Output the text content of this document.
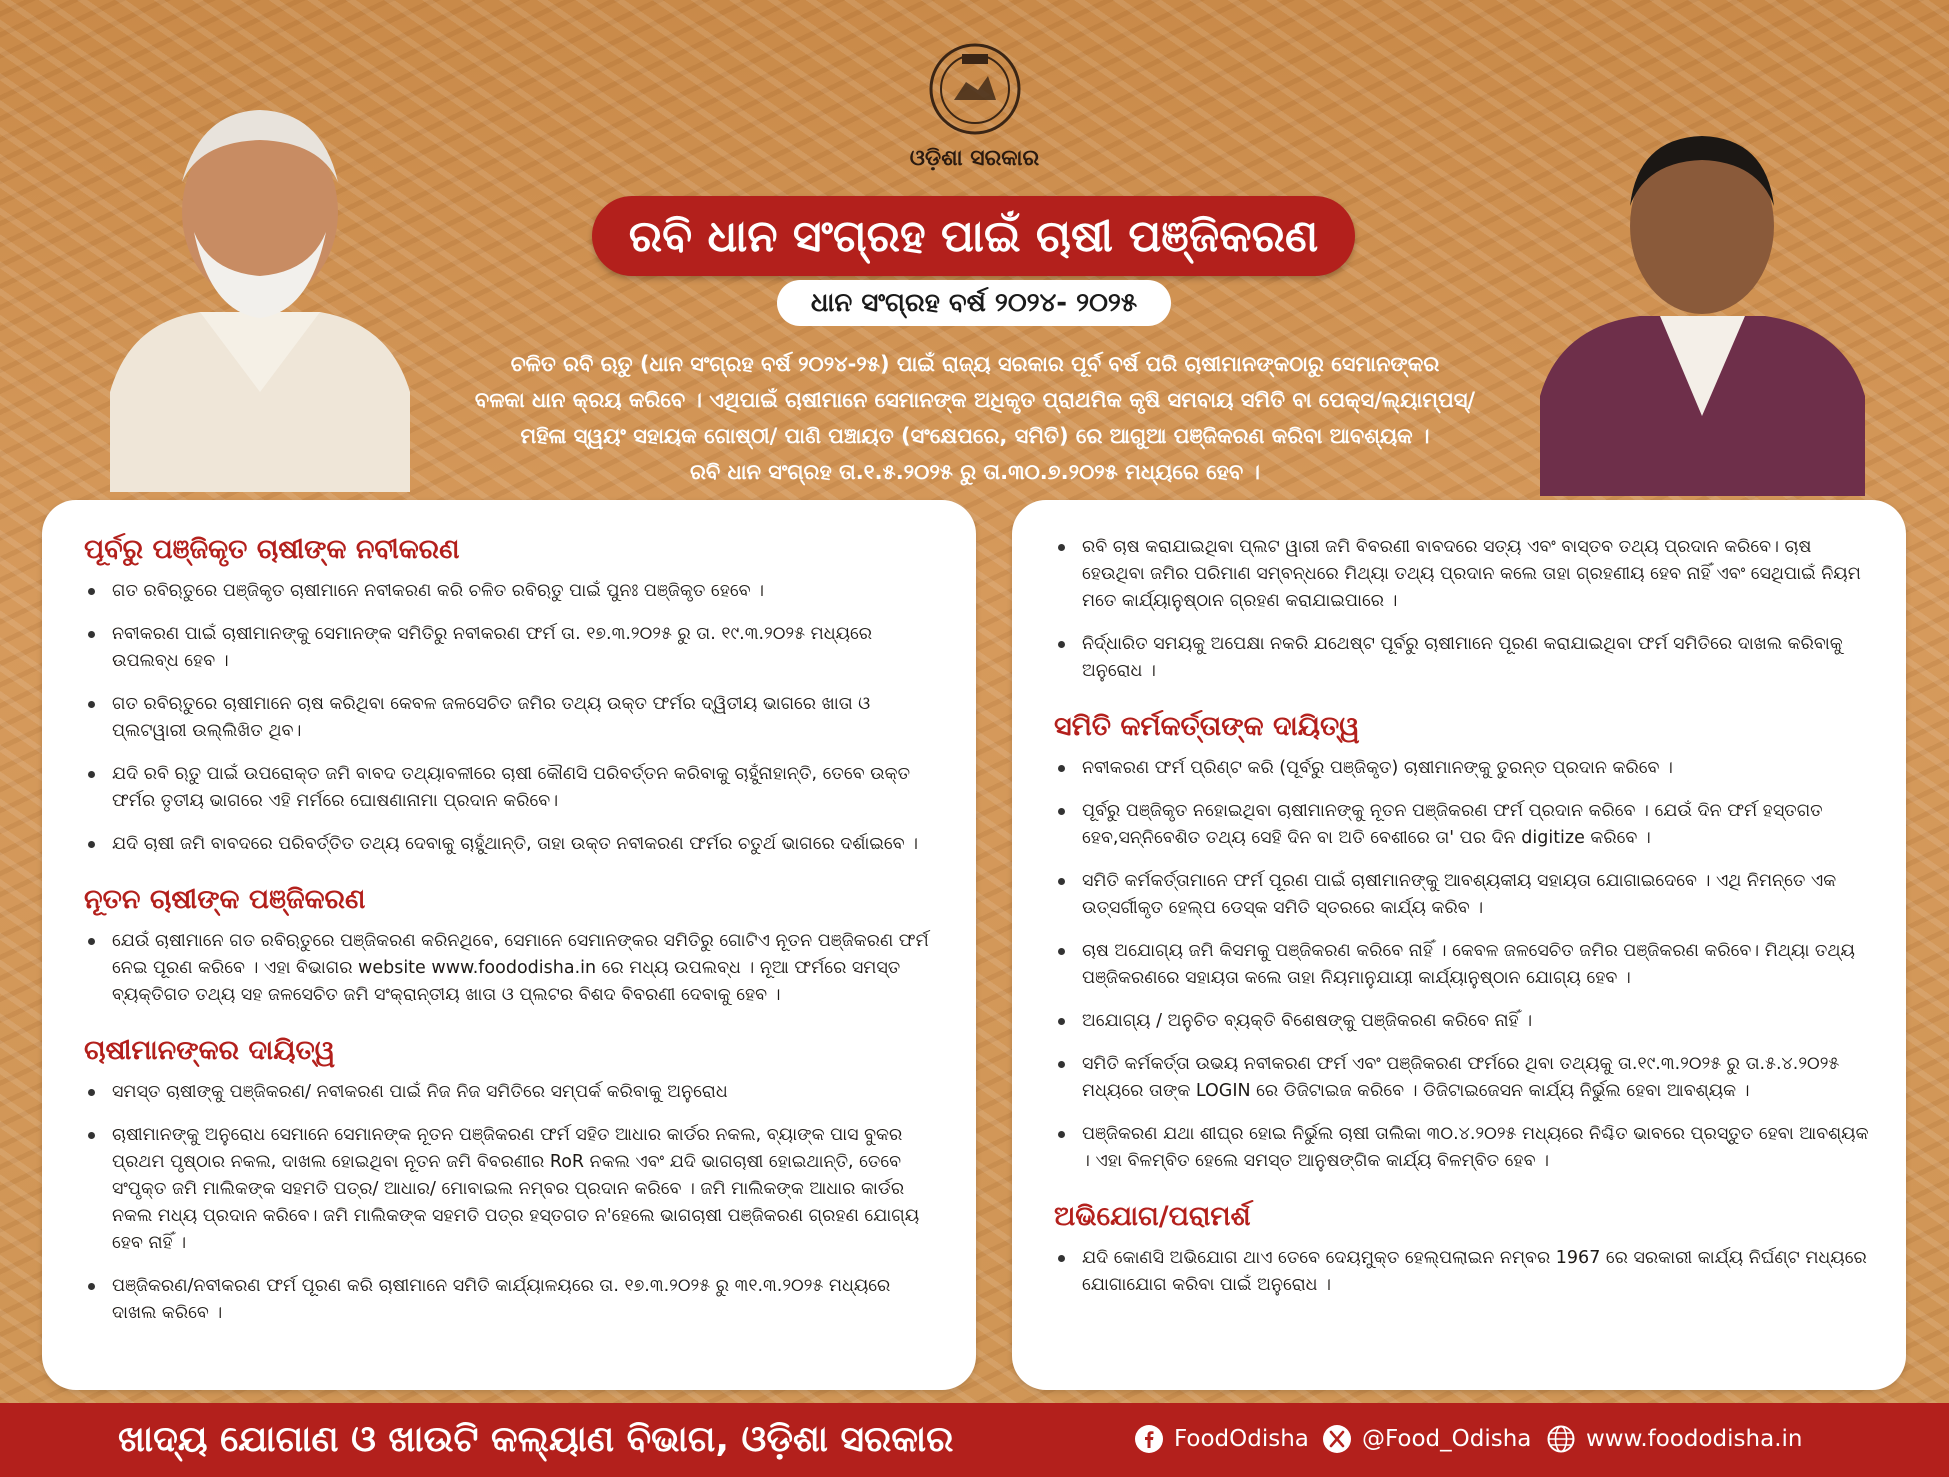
ଓଡ଼ିଶା ସରକାର
ରବି ଧାନ ସଂଗ୍ରହ ପାଇଁ ଚାଷୀ ପଞ୍ଜିକରଣ
ଧାନ ସଂଗ୍ରହ ବର୍ଷ ୨୦୨୪- ୨୦୨୫
ଚଳିତ ରବି ଋତୁ (ଧାନ ସଂଗ୍ରହ ବର୍ଷ ୨୦୨୪-୨୫) ପାଇଁ ରାଜ୍ୟ ସରକାର ପୂର୍ବ ବର୍ଷ ପରି ଚାଷୀମାନଙ୍କଠାରୁ ସେମାନଙ୍କର
ବଳକା ଧାନ କ୍ରୟ କରିବେ । ଏଥିପାଇଁ ଚାଷୀମାନେ ସେମାନଙ୍କ ଅଧିକୃତ ପ୍ରାଥମିକ କୃଷି ସମବାୟ ସମିତି ବା ପେକ୍ସ/ଲ୍ୟାମ୍ପସ୍/
ମହିଳା ସ୍ୱୟଂ ସହାୟକ ଗୋଷ୍ଠୀ/ ପାଣି ପଞ୍ଚାୟତ (ସଂକ୍ଷେପରେ, ସମିତି) ରେ ଆଗୁଆ ପଞ୍ଜିକରଣ କରିବା ଆବଶ୍ୟକ ।
ରବି ଧାନ ସଂଗ୍ରହ ତା.୧.୫.୨୦୨୫ ରୁ ତା.୩୦.୭.୨୦୨୫ ମଧ୍ୟରେ ହେବ ।
ପୂର୍ବରୁ ପଞ୍ଜିକୃତ ଚାଷୀଙ୍କ ନବୀକରଣ
ଗତ ରବିଋତୁରେ ପଞ୍ଜିକୃତ ଚାଷୀମାନେ ନବୀକରଣ କରି ଚଳିତ ରବିଋତୁ ପାଇଁ ପୁନଃ ପଞ୍ଜିକୃତ ହେବେ ।
ନବୀକରଣ ପାଇଁ ଚାଷୀମାନଙ୍କୁ ସେମାନଙ୍କ ସମିତିରୁ ନବୀକରଣ ଫର୍ମ ତା. ୧୭.୩.୨୦୨୫ ରୁ ତା. ୧୯.୩.୨୦୨୫ ମଧ୍ୟରେ ଉପଲବ୍ଧ ହେବ ।
ଗତ ରବିଋତୁରେ ଚାଷୀମାନେ ଚାଷ କରିଥିବା କେବଳ ଜଳସେଚିତ ଜମିର ତଥ୍ୟ ଉକ୍ତ ଫର୍ମର ଦ୍ୱିତୀୟ ଭାଗରେ ଖାତା ଓ ପ୍ଲଟୱାରୀ ଉଲ୍ଲିଖିତ ଥିବ।
ଯଦି ରବି ଋତୁ ପାଇଁ ଉପରୋକ୍ତ ଜମି ବାବଦ ତଥ୍ୟାବଳୀରେ ଚାଷୀ କୌଣସି ପରିବର୍ତ୍ତନ କରିବାକୁ ଚାହୁଁନାହାନ୍ତି, ତେବେ ଉକ୍ତ ଫର୍ମର ତୃତୀୟ ଭାଗରେ ଏହି ମର୍ମରେ ଘୋଷଣାନାମା ପ୍ରଦାନ କରିବେ।
ଯଦି ଚାଷୀ ଜମି ବାବଦରେ ପରିବର୍ତ୍ତିତ ତଥ୍ୟ ଦେବାକୁ ଚାହୁଁଥାନ୍ତି, ତାହା ଉକ୍ତ ନବୀକରଣ ଫର୍ମର ଚତୁର୍ଥ ଭାଗରେ ଦର୍ଶାଇବେ ।
ନୂତନ ଚାଷୀଙ୍କ ପଞ୍ଜିକରଣ
ଯେଉଁ ଚାଷୀମାନେ ଗତ ରବିଋତୁରେ ପଞ୍ଜିକରଣ କରିନଥିବେ, ସେମାନେ ସେମାନଙ୍କର ସମିତିରୁ ଗୋଟିଏ ନୂତନ ପଞ୍ଜିକରଣ ଫର୍ମ ନେଇ ପୂରଣ କରିବେ । ଏହା ବିଭାଗର website www.foododisha.in ରେ ମଧ୍ୟ ଉପଲବ୍ଧ । ନୂଆ ଫର୍ମରେ ସମସ୍ତ ବ୍ୟକ୍ତିଗତ ତଥ୍ୟ ସହ ଜଳସେଚିତ ଜମି ସଂକ୍ରାନ୍ତୀୟ ଖାତା ଓ ପ୍ଲଟର ବିଶଦ ବିବରଣୀ ଦେବାକୁ ହେବ ।
ଚାଷୀମାନଙ୍କର ଦାୟିତ୍ୱ
ସମସ୍ତ ଚାଷୀଙ୍କୁ ପଞ୍ଜିକରଣ/ ନବୀକରଣ ପାଇଁ ନିଜ ନିଜ ସମିତିରେ ସମ୍ପର୍କ କରିବାକୁ ଅନୁରୋଧ
ଚାଷୀମାନଙ୍କୁ ଅନୁରୋଧ ସେମାନେ ସେମାନଙ୍କ ନୂତନ ପଞ୍ଜିକରଣ ଫର୍ମ ସହିତ ଆଧାର କାର୍ଡର ନକଲ, ବ୍ୟାଙ୍କ ପାସ ବୁକର ପ୍ରଥମ ପୃଷ୍ଠାର ନକଲ, ଦାଖଲ ହୋଇଥିବା ନୂତନ ଜମି ବିବରଣୀର RoR ନକଲ ଏବଂ ଯଦି ଭାଗଚାଷୀ ହୋଇଥାନ୍ତି, ତେବେ ସଂପୃକ୍ତ ଜମି ମାଲିକଙ୍କ ସହମତି ପତ୍ର/ ଆଧାର/ ମୋବାଇଲ ନମ୍ବର ପ୍ରଦାନ କରିବେ । ଜମି ମାଲିକଙ୍କ ଆଧାର କାର୍ଡର ନକଲ ମଧ୍ୟ ପ୍ରଦାନ କରିବେ। ଜମି ମାଲିକଙ୍କ ସହମତି ପତ୍ର ହସ୍ତଗତ ନ'ହେଲେ ଭାଗଚାଷୀ ପଞ୍ଜିକରଣ ଗ୍ରହଣ ଯୋଗ୍ୟ ହେବ ନାହିଁ ।
ପଞ୍ଜିକରଣ/ନବୀକରଣ ଫର୍ମ ପୂରଣ କରି ଚାଷୀମାନେ ସମିତି କାର୍ଯ୍ୟାଳୟରେ ତା. ୧୭.୩.୨୦୨୫ ରୁ ୩୧.୩.୨୦୨୫ ମଧ୍ୟରେ ଦାଖଲ କରିବେ ।
ରବି ଚାଷ କରାଯାଇଥିବା ପ୍ଲଟ ୱାରୀ ଜମି ବିବରଣୀ ବାବଦରେ ସତ୍ୟ ଏବଂ ବାସ୍ତବ ତଥ୍ୟ ପ୍ରଦାନ କରିବେ। ଚାଷ ହେଉଥିବା ଜମିର ପରିମାଣ ସମ୍ବନ୍ଧରେ ମିଥ୍ୟା ତଥ୍ୟ ପ୍ରଦାନ କଲେ ତାହା ଗ୍ରହଣୀୟ ହେବ ନାହିଁ ଏବଂ ସେଥିପାଇଁ ନିୟମ ମତେ କାର୍ଯ୍ୟାନୁଷ୍ଠାନ ଗ୍ରହଣ କରାଯାଇପାରେ ।
ନିର୍ଦ୍ଧାରିତ ସମୟକୁ ଅପେକ୍ଷା ନକରି ଯଥେଷ୍ଟ ପୂର୍ବରୁ ଚାଷୀମାନେ ପୂରଣ କରାଯାଇଥିବା ଫର୍ମ ସମିତିରେ ଦାଖଲ କରିବାକୁ ଅନୁରୋଧ ।
ସମିତି କର୍ମକର୍ତ୍ତାଙ୍କ ଦାୟିତ୍ୱ
ନବୀକରଣ ଫର୍ମ ପ୍ରିଣ୍ଟ କରି (ପୂର୍ବରୁ ପଞ୍ଜିକୃତ) ଚାଷୀମାନଙ୍କୁ ତୁରନ୍ତ ପ୍ରଦାନ କରିବେ ।
ପୂର୍ବରୁ ପଞ୍ଜିକୃତ ନହୋଇଥିବା ଚାଷୀମାନଙ୍କୁ ନୂତନ ପଞ୍ଜିକରଣ ଫର୍ମ ପ୍ରଦାନ କରିବେ । ଯେଉଁ ଦିନ ଫର୍ମ ହସ୍ତଗତ ହେବ,ସନ୍ନିବେଶିତ ତଥ୍ୟ ସେହି ଦିନ ବା ଅତି ବେଶୀରେ ତା' ପର ଦିନ digitize କରିବେ ।
ସମିତି କର୍ମକର୍ତ୍ତାମାନେ ଫର୍ମ ପୂରଣ ପାଇଁ ଚାଷୀମାନଙ୍କୁ ଆବଶ୍ୟକୀୟ ସହାୟତା ଯୋଗାଇଦେବେ । ଏଥି ନିମନ୍ତେ ଏକ ଉତ୍ସର୍ଗୀକୃତ ହେଲ୍ପ ଡେସ୍କ ସମିତି ସ୍ତରରେ କାର୍ଯ୍ୟ କରିବ ।
ଚାଷ ଅଯୋଗ୍ୟ ଜମି କିସମକୁ ପଞ୍ଜିକରଣ କରିବେ ନାହିଁ । କେବଳ ଜଳସେଚିତ ଜମିର ପଞ୍ଜିକରଣ କରିବେ। ମିଥ୍ୟା ତଥ୍ୟ ପଞ୍ଜିକରଣରେ ସହାୟତା କଲେ ତାହା ନିୟମାନୁଯାୟୀ କାର୍ଯ୍ୟାନୁଷ୍ଠାନ ଯୋଗ୍ୟ ହେବ ।
ଅଯୋଗ୍ୟ / ଅନୁଚିତ ବ୍ୟକ୍ତି ବିଶେଷଙ୍କୁ ପଞ୍ଜିକରଣ କରିବେ ନାହିଁ ।
ସମିତି କର୍ମକର୍ତ୍ତା ଉଭୟ ନବୀକରଣ ଫର୍ମ ଏବଂ ପଞ୍ଜିକରଣ ଫର୍ମରେ ଥିବା ତଥ୍ୟକୁ ତା.୧୯.୩.୨୦୨୫ ରୁ ତା.୫.୪.୨୦୨୫ ମଧ୍ୟରେ ତାଙ୍କ LOGIN ରେ ଡିଜିଟାଇଜ କରିବେ । ଡିଜିଟାଇଜେସନ କାର୍ଯ୍ୟ ନିର୍ଭୁଲ ହେବା ଆବଶ୍ୟକ ।
ପଞ୍ଜିକରଣ ଯଥା ଶୀଘ୍ର ହୋଇ ନିର୍ଭୁଲ ଚାଷୀ ତାଲିକା ୩୦.୪.୨୦୨୫ ମଧ୍ୟରେ ନିଶ୍ଚିତ ଭାବରେ ପ୍ରସ୍ତୁତ ହେବା ଆବଶ୍ୟକ । ଏହା ବିଳମ୍ବିତ ହେଲେ ସମସ୍ତ ଆନୁଷଙ୍ଗିକ କାର୍ଯ୍ୟ ବିଳମ୍ବିତ ହେବ ।
ଅଭିଯୋଗ/ପରାମର୍ଶ
ଯଦି କୋଣସି ଅଭିଯୋଗ ଥାଏ ତେବେ ଦେୟମୁକ୍ତ ହେଲ୍ପଲାଇନ ନମ୍ବର 1967 ରେ ସରକାରୀ କାର୍ଯ୍ୟ ନିର୍ଘଣ୍ଟ ମଧ୍ୟରେ ଯୋଗାଯୋଗ କରିବା ପାଇଁ ଅନୁରୋଧ ।
ଖାଦ୍ୟ ଯୋଗାଣ ଓ ଖାଉଟି କଲ୍ୟାଣ ବିଭାଗ, ଓଡ଼ିଶା ସରକାର	FoodOdisha @Food_Odisha www.foododisha.in
